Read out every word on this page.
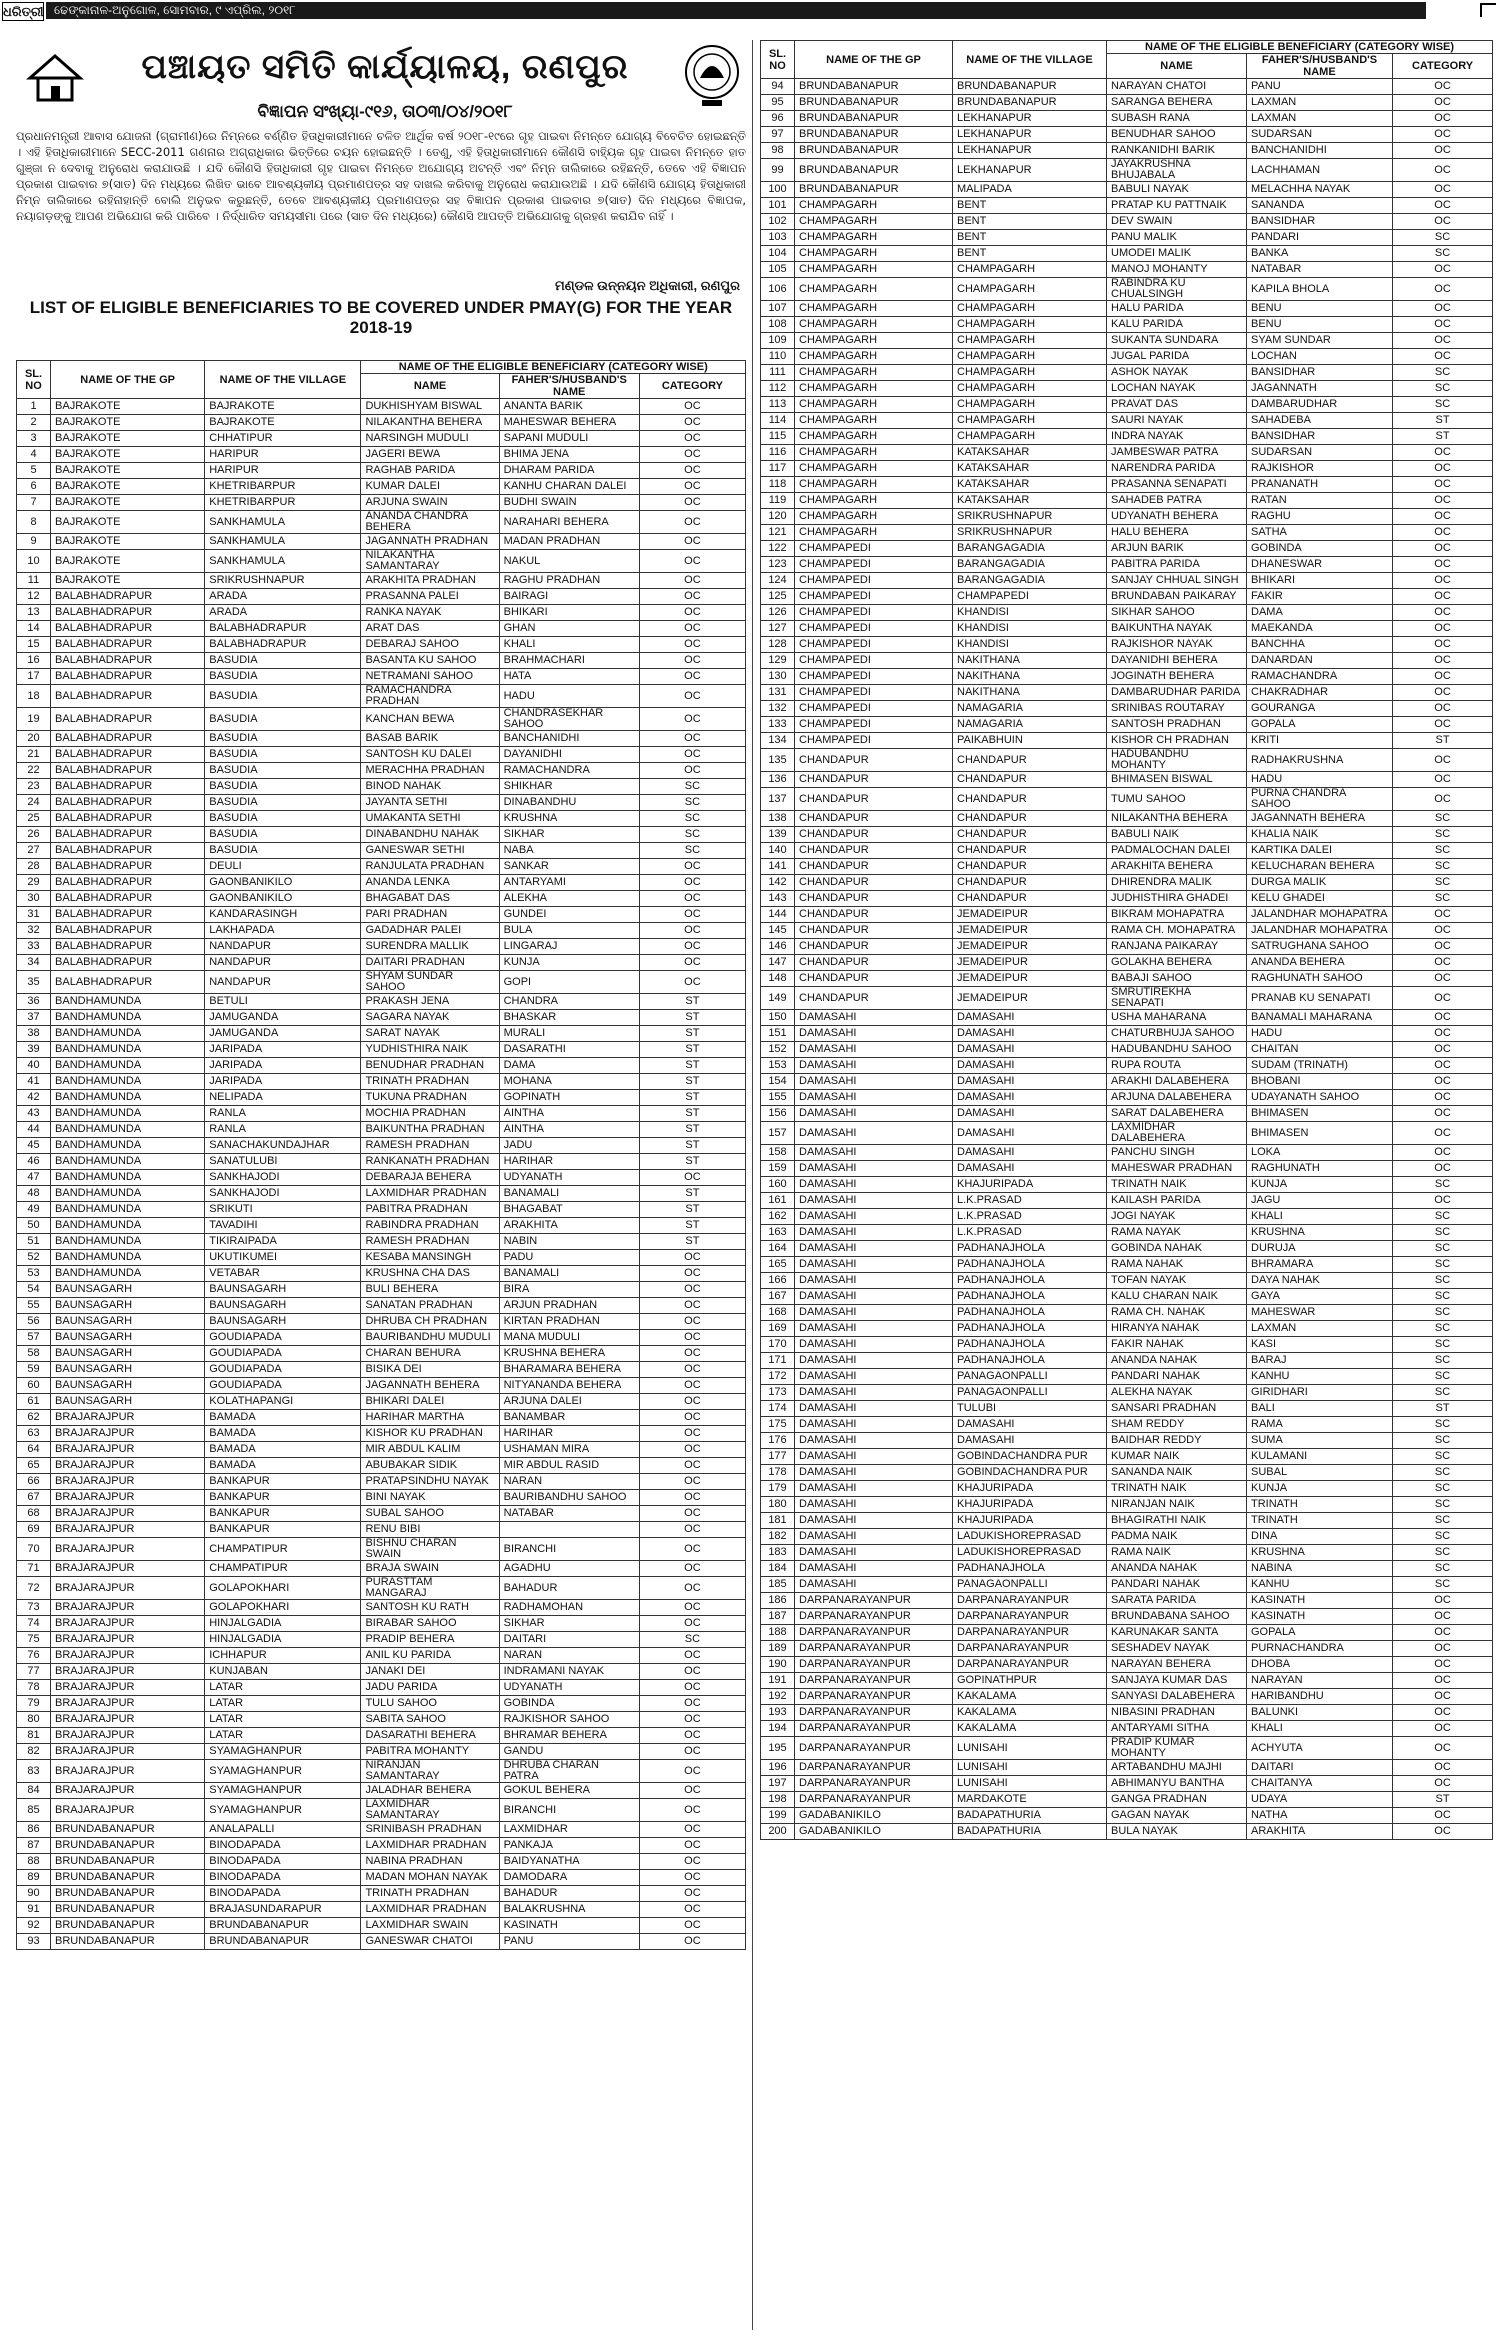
ଧରିତ୍ରୀ ଢେଙ୍କାନାଳ-ଅନୁଗୋଳ, ସୋମବାର, ୯ ଏପ୍ରିଲ, ୨୦୧୮
ପଞ୍ଚାୟତ ସମିତି କାର୍ଯ୍ୟାଳୟ, ରଣପୁର
ବିଜ୍ଞାପନ ସଂଖ୍ୟା-୯୧୬, ତା୦୩/୦୪/୨୦୧୮
ପ୍ରଧାନମନ୍ତ୍ରୀ ଆବାସ ଯୋଜନା (ଗ୍ରାମୀଣ)ରେ ନିମ୍ନରେ ବର୍ଣ୍ଣିତ ହିତାଧିକାରୀମାନେ ଚଳିତ ଆର୍ଥିକ ବର୍ଷ ୨୦୧୮-୧୯ରେ ଗୃହ ପାଇବା ନିମନ୍ତେ ଯୋଗ୍ୟ ବିବେଚିତ ହୋଇଛନ୍ତି । ଏହି ହିତାଧିକାରୀମାନେ SECC-2011 ଗଣନାର ଅଗ୍ରାଧିକାର ଭିତ୍ତିରେ ଚୟନ ହୋଇଛନ୍ତି । ତେଣୁ, ଏହି ହିତାଧିକାରୀମାନେ କୌଣସି ବାହ୍ୟିକ ଗୃହ ପାଇବା ନିମନ୍ତେ ହାତ ଗୁଞ୍ଜା ନ ଦେବାକୁ ଅନୁରୋଧ କରାଯାଉଛି । ଯଦି କୌଣସି ହିତାଧିକାରୀ ଗୃହ ପାଇବା ନିମନ୍ତେ ଅଯୋଗ୍ୟ ଅଟନ୍ତି ଏବଂ ନିମ୍ନ ତାଲିକାରେ ରହିଛନ୍ତି, ତେବେ ଏହି ବିଜ୍ଞାପନ ପ୍ରକାଶ ପାଇବାର ୭(ସାତ) ଦିନ ମଧ୍ୟରେ ଲିଖିତ ଭାବେ ଆବଶ୍ୟକୀୟ ପ୍ରମାଣପତ୍ର ସହ ଦାଖଲ କରିବାକୁ ଅନୁରୋଧ କରାଯାଉଅଛି । ଯଦି କୌଣସି ଯୋଗ୍ୟ ହିତାଧିକାରୀ ନିମ୍ନ ତାଲିକାରେ ରହିନାହାନ୍ତି ବୋଲି ଅନୁଭବ କରୁଛନ୍ତି, ତେବେ ଆବଶ୍ୟକୀୟ ପ୍ରମାଣପତ୍ର ସହ ବିଜ୍ଞାପନ ପ୍ରକାଶ ପାଇବାର ୭(ସାତ) ଦିନ ମଧ୍ୟରେ ବିଜ୍ଞାପକ, ନୟାଗଡ଼ଙ୍କୁ ଆପଣ ଅଭିଯୋଗ କରି ପାରିବେ । ନିର୍ଦ୍ଧାରିତ ସମୟସୀମା ପରେ (ସାତ ଦିନ ମଧ୍ୟରେ) କୌଣସି ଆପତ୍ତି ଅଭିଯୋଗକୁ ଗ୍ରହଣ କରାଯିବ ନାହିଁ ।
ମଣ୍ଡଳ ଉନ୍ନୟନ ଅଧିକାରୀ, ରଣପୁର
LIST OF ELIGIBLE BENEFICIARIES TO BE COVERED UNDER PMAY(G) FOR THE YEAR 2018-19
SL. NO	NAME OF THE GP	NAME OF THE VILLAGE	NAME OF THE ELIGIBLE BENEFICIARY (CATEGORY WISE)		
			NAME	FAHER'S/HUSBAND'S NAME	CATEGORY
1	BAJRAKOTE	BAJRAKOTE	DUKHISHYAM BISWAL	ANANTA BARIK	OC
2	BAJRAKOTE	BAJRAKOTE	NILAKANTHA BEHERA	MAHESWAR BEHERA	OC
3	BAJRAKOTE	CHHATIPUR	NARSINGH MUDULI	SAPANI MUDULI	OC
4	BAJRAKOTE	HARIPUR	JAGERI BEWA	BHIMA JENA	OC
5	BAJRAKOTE	HARIPUR	RAGHAB PARIDA	DHARAM PARIDA	OC
6	BAJRAKOTE	KHETRIBARPUR	KUMAR DALEI	KANHU CHARAN DALEI	OC
7	BAJRAKOTE	KHETRIBARPUR	ARJUNA SWAIN	BUDHI SWAIN	OC
8	BAJRAKOTE	SANKHAMULA	ANANDA CHANDRA BEHERA	NARAHARI BEHERA	OC
9	BAJRAKOTE	SANKHAMULA	JAGANNATH PRADHAN	MADAN PRADHAN	OC
10	BAJRAKOTE	SANKHAMULA	NILAKANTHA SAMANTARAY	NAKUL	OC
11	BAJRAKOTE	SRIKRUSHNAPUR	ARAKHITA PRADHAN	RAGHU PRADHAN	OC
12	BALABHADRAPUR	ARADA	PRASANNA PALEI	BAIRAGI	OC
13	BALABHADRAPUR	ARADA	RANKA NAYAK	BHIKARI	OC
14	BALABHADRAPUR	BALABHADRAPUR	ARAT DAS	GHAN	OC
15	BALABHADRAPUR	BALABHADRAPUR	DEBARAJ SAHOO	KHALI	OC
16	BALABHADRAPUR	BASUDIA	BASANTA KU SAHOO	BRAHMACHARI	OC
17	BALABHADRAPUR	BASUDIA	NETRAMANI SAHOO	HATA	OC
18	BALABHADRAPUR	BASUDIA	RAMACHANDRA PRADHAN	HADU	OC
19	BALABHADRAPUR	BASUDIA	KANCHAN BEWA	CHANDRASEKHAR SAHOO	OC
20	BALABHADRAPUR	BASUDIA	BASAB BARIK	BANCHANIDHI	OC
21	BALABHADRAPUR	BASUDIA	SANTOSH KU DALEI	DAYANIDHI	OC
22	BALABHADRAPUR	BASUDIA	MERACHHA PRADHAN	RAMACHANDRA	OC
23	BALABHADRAPUR	BASUDIA	BINOD NAHAK	SHIKHAR	SC
24	BALABHADRAPUR	BASUDIA	JAYANTA SETHI	DINABANDHU	SC
25	BALABHADRAPUR	BASUDIA	UMAKANTA SETHI	KRUSHNA	SC
26	BALABHADRAPUR	BASUDIA	DINABANDHU NAHAK	SIKHAR	SC
27	BALABHADRAPUR	BASUDIA	GANESWAR SETHI	NABA	SC
28	BALABHADRAPUR	DEULI	RANJULATA PRADHAN	SANKAR	OC
29	BALABHADRAPUR	GAONBANIKILO	ANANDA LENKA	ANTARYAMI	OC
30	BALABHADRAPUR	GAONBANIKILO	BHAGABAT DAS	ALEKHA	OC
31	BALABHADRAPUR	KANDARASINGH	PARI PRADHAN	GUNDEI	OC
32	BALABHADRAPUR	LAKHAPADA	GADADHAR PALEI	BULA	OC
33	BALABHADRAPUR	NANDAPUR	SURENDRA MALLIK	LINGARAJ	OC
34	BALABHADRAPUR	NANDAPUR	DAITARI PRADHAN	KUNJA	OC
35	BALABHADRAPUR	NANDAPUR	SHYAM SUNDAR SAHOO	GOPI	OC
36	BANDHAMUNDA	BETULI	PRAKASH JENA	CHANDRA	ST
37	BANDHAMUNDA	JAMUGANDA	SAGARA NAYAK	BHASKAR	ST
38	BANDHAMUNDA	JAMUGANDA	SARAT NAYAK	MURALI	ST
39	BANDHAMUNDA	JARIPADA	YUDHISTHIRA NAIK	DASARATHI	ST
40	BANDHAMUNDA	JARIPADA	BENUDHAR PRADHAN	DAMA	ST
41	BANDHAMUNDA	JARIPADA	TRINATH PRADHAN	MOHANA	ST
42	BANDHAMUNDA	NELIPADA	TUKUNA PRADHAN	GOPINATH	ST
43	BANDHAMUNDA	RANLA	MOCHIA PRADHAN	AINTHA	ST
44	BANDHAMUNDA	RANLA	BAIKUNTHA PRADHAN	AINTHA	ST
45	BANDHAMUNDA	SANACHAKUNDAJHAR	RAMESH PRADHAN	JADU	ST
46	BANDHAMUNDA	SANATULUBI	RANKANATH PRADHAN	HARIHAR	ST
47	BANDHAMUNDA	SANKHAJODI	DEBARAJA BEHERA	UDYANATH	OC
48	BANDHAMUNDA	SANKHAJODI	LAXMIDHAR PRADHAN	BANAMALI	ST
49	BANDHAMUNDA	SRIKUTI	PABITRA PRADHAN	BHAGABAT	ST
50	BANDHAMUNDA	TAVADIHI	RABINDRA PRADHAN	ARAKHITA	ST
51	BANDHAMUNDA	TIKIRAIPADA	RAMESH PRADHAN	NABIN	ST
52	BANDHAMUNDA	UKUTIKUMEI	KESABA MANSINGH	PADU	OC
53	BANDHAMUNDA	VETABAR	KRUSHNA CHA DAS	BANAMALI	OC
54	BAUNSAGARH	BAUNSAGARH	BULI BEHERA	BIRA	OC
55	BAUNSAGARH	BAUNSAGARH	SANATAN PRADHAN	ARJUN PRADHAN	OC
56	BAUNSAGARH	BAUNSAGARH	DHRUBA CH PRADHAN	KIRTAN PRADHAN	OC
57	BAUNSAGARH	GOUDIAPADA	BAURIBANDHU MUDULI	MANA MUDULI	OC
58	BAUNSAGARH	GOUDIAPADA	CHARAN BEHURA	KRUSHNA BEHERA	OC
59	BAUNSAGARH	GOUDIAPADA	BISIKA DEI	BHARAMARA BEHERA	OC
60	BAUNSAGARH	GOUDIAPADA	JAGANNATH BEHERA	NITYANANDA BEHERA	OC
61	BAUNSAGARH	KOLATHAPANGI	BHIKARI DALEI	ARJUNA DALEI	OC
62	BRAJARAJPUR	BAMADA	HARIHAR MARTHA	BANAMBAR	OC
63	BRAJARAJPUR	BAMADA	KISHOR KU PRADHAN	HARIHAR	OC
64	BRAJARAJPUR	BAMADA	MIR ABDUL KALIM	USHAMAN MIRA	OC
65	BRAJARAJPUR	BAMADA	ABUBAKAR SIDIK	MIR ABDUL RASID	OC
66	BRAJARAJPUR	BANKAPUR	PRATAPSINDHU NAYAK	NARAN	OC
67	BRAJARAJPUR	BANKAPUR	BINI NAYAK	BAURIBANDHU SAHOO	OC
68	BRAJARAJPUR	BANKAPUR	SUBAL SAHOO	NATABAR	OC
69	BRAJARAJPUR	BANKAPUR	RENU BIBI		OC
70	BRAJARAJPUR	CHAMPATIPUR	BISHNU CHARAN SWAIN	BIRANCHI	OC
71	BRAJARAJPUR	CHAMPATIPUR	BRAJA SWAIN	AGADHU	OC
72	BRAJARAJPUR	GOLAPOKHARI	PURASTTAM MANGARAJ	BAHADUR	OC
73	BRAJARAJPUR	GOLAPOKHARI	SANTOSH KU RATH	RADHAMOHAN	OC
74	BRAJARAJPUR	HINJALGADIA	BIRABAR SAHOO	SIKHAR	OC
75	BRAJARAJPUR	HINJALGADIA	PRADIP BEHERA	DAITARI	SC
76	BRAJARAJPUR	ICHHAPUR	ANIL KU PARIDA	NARAN	OC
77	BRAJARAJPUR	KUNJABAN	JANAKI DEI	INDRAMANI NAYAK	OC
78	BRAJARAJPUR	LATAR	JADU PARIDA	UDYANATH	OC
79	BRAJARAJPUR	LATAR	TULU SAHOO	GOBINDA	OC
80	BRAJARAJPUR	LATAR	SABITA SAHOO	RAJKISHOR SAHOO	OC
81	BRAJARAJPUR	LATAR	DASARATHI BEHERA	BHRAMAR BEHERA	OC
82	BRAJARAJPUR	SYAMAGHANPUR	PABITRA MOHANTY	GANDU	OC
83	BRAJARAJPUR	SYAMAGHANPUR	NIRANJAN SAMANTARAY	DHRUBA CHARAN PATRA	OC
84	BRAJARAJPUR	SYAMAGHANPUR	JALADHAR BEHERA	GOKUL BEHERA	OC
85	BRAJARAJPUR	SYAMAGHANPUR	LAXMIDHAR SAMANTARAY	BIRANCHI	OC
86	BRUNDABANAPUR	ANALAPALLI	SRINIBASH PRADHAN	LAXMIDHAR	OC
87	BRUNDABANAPUR	BINODAPADA	LAXMIDHAR PRADHAN	PANKAJA	OC
88	BRUNDABANAPUR	BINODAPADA	NABINA PRADHAN	BAIDYANATHA	OC
89	BRUNDABANAPUR	BINODAPADA	MADAN MOHAN NAYAK	DAMODARA	OC
90	BRUNDABANAPUR	BINODAPADA	TRINATH PRADHAN	BAHADUR	OC
91	BRUNDABANAPUR	BRAJASUNDARAPUR	LAXMIDHAR PRADHAN	BALAKRUSHNA	OC
92	BRUNDABANAPUR	BRUNDABANAPUR	LAXMIDHAR SWAIN	KASINATH	OC
93	BRUNDABANAPUR	BRUNDABANAPUR	GANESWAR CHATOI	PANU	OC
SL. NO	NAME OF THE GP	NAME OF THE VILLAGE	NAME OF THE ELIGIBLE BENEFICIARY (CATEGORY WISE)		
			NAME	FAHER'S/HUSBAND'S NAME	CATEGORY
94	BRUNDABANAPUR	BRUNDABANAPUR	NARAYAN CHATOI	PANU	OC
95	BRUNDABANAPUR	BRUNDABANAPUR	SARANGA BEHERA	LAXMAN	OC
96	BRUNDABANAPUR	LEKHANAPUR	SUBASH RANA	LAXMAN	OC
97	BRUNDABANAPUR	LEKHANAPUR	BENUDHAR SAHOO	SUDARSAN	OC
98	BRUNDABANAPUR	LEKHANAPUR	RANKANIDHI BARIK	BANCHANIDHI	OC
99	BRUNDABANAPUR	LEKHANAPUR	JAYAKRUSHNA BHUJABALA	LACHHAMAN	OC
100	BRUNDABANAPUR	MALIPADA	BABULI NAYAK	MELACHHA NAYAK	OC
101	CHAMPAGARH	BENT	PRATAP KU PATTNAIK	SANANDA	OC
102	CHAMPAGARH	BENT	DEV SWAIN	BANSIDHAR	OC
103	CHAMPAGARH	BENT	PANU MALIK	PANDARI	SC
104	CHAMPAGARH	BENT	UMODEI MALIK	BANKA	SC
105	CHAMPAGARH	CHAMPAGARH	MANOJ MOHANTY	NATABAR	OC
106	CHAMPAGARH	CHAMPAGARH	RABINDRA KU CHUALSINGH	KAPILA BHOLA	OC
107	CHAMPAGARH	CHAMPAGARH	HALU PARIDA	BENU	OC
108	CHAMPAGARH	CHAMPAGARH	KALU PARIDA	BENU	OC
109	CHAMPAGARH	CHAMPAGARH	SUKANTA SUNDARA	SYAM SUNDAR	OC
110	CHAMPAGARH	CHAMPAGARH	JUGAL PARIDA	LOCHAN	OC
111	CHAMPAGARH	CHAMPAGARH	ASHOK NAYAK	BANSIDHAR	SC
112	CHAMPAGARH	CHAMPAGARH	LOCHAN NAYAK	JAGANNATH	SC
113	CHAMPAGARH	CHAMPAGARH	PRAVAT DAS	DAMBARUDHAR	SC
114	CHAMPAGARH	CHAMPAGARH	SAURI NAYAK	SAHADEBA	ST
115	CHAMPAGARH	CHAMPAGARH	INDRA NAYAK	BANSIDHAR	ST
116	CHAMPAGARH	KATAKSAHAR	JAMBESWAR PATRA	SUDARSAN	OC
117	CHAMPAGARH	KATAKSAHAR	NARENDRA PARIDA	RAJKISHOR	OC
118	CHAMPAGARH	KATAKSAHAR	PRASANNA SENAPATI	PRANANATH	OC
119	CHAMPAGARH	KATAKSAHAR	SAHADEB PATRA	RATAN	OC
120	CHAMPAGARH	SRIKRUSHNAPUR	UDYANATH BEHERA	RAGHU	OC
121	CHAMPAGARH	SRIKRUSHNAPUR	HALU BEHERA	SATHA	OC
122	CHAMPAPEDI	BARANGAGADIA	ARJUN BARIK	GOBINDA	OC
123	CHAMPAPEDI	BARANGAGADIA	PABITRA PARIDA	DHANESWAR	OC
124	CHAMPAPEDI	BARANGAGADIA	SANJAY CHHUAL SINGH	BHIKARI	OC
125	CHAMPAPEDI	CHAMPAPEDI	BRUNDABAN PAIKARAY	FAKIR	OC
126	CHAMPAPEDI	KHANDISI	SIKHAR SAHOO	DAMA	OC
127	CHAMPAPEDI	KHANDISI	BAIKUNTHA NAYAK	MAEKANDA	OC
128	CHAMPAPEDI	KHANDISI	RAJKISHOR NAYAK	BANCHHA	OC
129	CHAMPAPEDI	NAKITHANA	DAYANIDHI BEHERA	DANARDAN	OC
130	CHAMPAPEDI	NAKITHANA	JOGINATH BEHERA	RAMACHANDRA	OC
131	CHAMPAPEDI	NAKITHANA	DAMBARUDHAR PARIDA	CHAKRADHAR	OC
132	CHAMPAPEDI	NAMAGARIA	SRINIBAS ROUTARAY	GOURANGA	OC
133	CHAMPAPEDI	NAMAGARIA	SANTOSH PRADHAN	GOPALA	OC
134	CHAMPAPEDI	PAIKABHUIN	KISHOR CH PRADHAN	KRITI	ST
135	CHANDAPUR	CHANDAPUR	HADUBANDHU MOHANTY	RADHAKRUSHNA	OC
136	CHANDAPUR	CHANDAPUR	BHIMASEN BISWAL	HADU	OC
137	CHANDAPUR	CHANDAPUR	TUMU SAHOO	PURNA CHANDRA SAHOO	OC
138	CHANDAPUR	CHANDAPUR	NILAKANTHA BEHERA	JAGANNATH BEHERA	SC
139	CHANDAPUR	CHANDAPUR	BABULI NAIK	KHALIA NAIK	SC
140	CHANDAPUR	CHANDAPUR	PADMALOCHAN DALEI	KARTIKA DALEI	SC
141	CHANDAPUR	CHANDAPUR	ARAKHITA BEHERA	KELUCHARAN BEHERA	SC
142	CHANDAPUR	CHANDAPUR	DHIRENDRA MALIK	DURGA MALIK	SC
143	CHANDAPUR	CHANDAPUR	JUDHISTHIRA GHADEI	KELU GHADEI	SC
144	CHANDAPUR	JEMADEIPUR	BIKRAM MOHAPATRA	JALANDHAR MOHAPATRA	OC
145	CHANDAPUR	JEMADEIPUR	RAMA CH. MOHAPATRA	JALANDHAR MOHAPATRA	OC
146	CHANDAPUR	JEMADEIPUR	RANJANA PAIKARAY	SATRUGHANA SAHOO	OC
147	CHANDAPUR	JEMADEIPUR	GOLAKHA BEHERA	ANANDA BEHERA	OC
148	CHANDAPUR	JEMADEIPUR	BABAJI SAHOO	RAGHUNATH SAHOO	OC
149	CHANDAPUR	JEMADEIPUR	SMRUTIREKHA SENAPATI	PRANAB KU SENAPATI	OC
150	DAMASAHI	DAMASAHI	USHA MAHARANA	BANAMALI MAHARANA	OC
151	DAMASAHI	DAMASAHI	CHATURBHUJA SAHOO	HADU	OC
152	DAMASAHI	DAMASAHI	HADUBANDHU SAHOO	CHAITAN	OC
153	DAMASAHI	DAMASAHI	RUPA ROUTA	SUDAM (TRINATH)	OC
154	DAMASAHI	DAMASAHI	ARAKHI DALABEHERA	BHOBANI	OC
155	DAMASAHI	DAMASAHI	ARJUNA DALABEHERA	UDAYANATH SAHOO	OC
156	DAMASAHI	DAMASAHI	SARAT DALABEHERA	BHIMASEN	OC
157	DAMASAHI	DAMASAHI	LAXMIDHAR DALABEHERA	BHIMASEN	OC
158	DAMASAHI	DAMASAHI	PANCHU SINGH	LOKA	OC
159	DAMASAHI	DAMASAHI	MAHESWAR PRADHAN	RAGHUNATH	OC
160	DAMASAHI	KHAJURIPADA	TRINATH NAIK	KUNJA	SC
161	DAMASAHI	L.K.PRASAD	KAILASH PARIDA	JAGU	OC
162	DAMASAHI	L.K.PRASAD	JOGI NAYAK	KHALI	SC
163	DAMASAHI	L.K.PRASAD	RAMA NAYAK	KRUSHNA	SC
164	DAMASAHI	PADHANAJHOLA	GOBINDA NAHAK	DURUJA	SC
165	DAMASAHI	PADHANAJHOLA	RAMA NAHAK	BHRAMARA	SC
166	DAMASAHI	PADHANAJHOLA	TOFAN NAYAK	DAYA NAHAK	SC
167	DAMASAHI	PADHANAJHOLA	KALU CHARAN NAIK	GAYA	SC
168	DAMASAHI	PADHANAJHOLA	RAMA CH. NAHAK	MAHESWAR	SC
169	DAMASAHI	PADHANAJHOLA	HIRANYA NAHAK	LAXMAN	SC
170	DAMASAHI	PADHANAJHOLA	FAKIR NAHAK	KASI	SC
171	DAMASAHI	PADHANAJHOLA	ANANDA NAHAK	BARAJ	SC
172	DAMASAHI	PANAGAONPALLI	PANDARI NAHAK	KANHU	SC
173	DAMASAHI	PANAGAONPALLI	ALEKHA NAYAK	GIRIDHARI	SC
174	DAMASAHI	TULUBI	SANSARI PRADHAN	BALI	ST
175	DAMASAHI	DAMASAHI	SHAM REDDY	RAMA	SC
176	DAMASAHI	DAMASAHI	BAIDHAR REDDY	SUMA	SC
177	DAMASAHI	GOBINDACHANDRA PUR	KUMAR NAIK	KULAMANI	SC
178	DAMASAHI	GOBINDACHANDRA PUR	SANANDA NAIK	SUBAL	SC
179	DAMASAHI	KHAJURIPADA	TRINATH NAIK	KUNJA	SC
180	DAMASAHI	KHAJURIPADA	NIRANJAN NAIK	TRINATH	SC
181	DAMASAHI	KHAJURIPADA	BHAGIRATHI NAIK	TRINATH	SC
182	DAMASAHI	LADUKISHOREPRASAD	PADMA NAIK	DINA	SC
183	DAMASAHI	LADUKISHOREPRASAD	RAMA NAIK	KRUSHNA	SC
184	DAMASAHI	PADHANAJHOLA	ANANDA NAHAK	NABINA	SC
185	DAMASAHI	PANAGAONPALLI	PANDARI NAHAK	KANHU	SC
186	DARPANARAYANPUR	DARPANARAYANPUR	SARATA PARIDA	KASINATH	OC
187	DARPANARAYANPUR	DARPANARAYANPUR	BRUNDABANA SAHOO	KASINATH	OC
188	DARPANARAYANPUR	DARPANARAYANPUR	KARUNAKAR SANTA	GOPALA	OC
189	DARPANARAYANPUR	DARPANARAYANPUR	SESHADEV NAYAK	PURNACHANDRA	OC
190	DARPANARAYANPUR	DARPANARAYANPUR	NARAYAN BEHERA	DHOBA	OC
191	DARPANARAYANPUR	GOPINATHPUR	SANJAYA KUMAR DAS	NARAYAN	OC
192	DARPANARAYANPUR	KAKALAMA	SANYASI DALABEHERA	HARIBANDHU	OC
193	DARPANARAYANPUR	KAKALAMA	NIBASINI PRADHAN	BALUNKI	OC
194	DARPANARAYANPUR	KAKALAMA	ANTARYAMI SITHA	KHALI	OC
195	DARPANARAYANPUR	LUNISAHI	PRADIP KUMAR MOHANTY	ACHYUTA	OC
196	DARPANARAYANPUR	LUNISAHI	ARTABANDHU MAJHI	DAITARI	OC
197	DARPANARAYANPUR	LUNISAHI	ABHIMANYU BANTHA	CHAITANYA	OC
198	DARPANARAYANPUR	MARDAKOTE	GANGA PRADHAN	UDAYA	ST
199	GADABANIKILO	BADAPATHURIA	GAGAN NAYAK	NATHA	OC
200	GADABANIKILO	BADAPATHURIA	BULA NAYAK	ARAKHITA	OC
